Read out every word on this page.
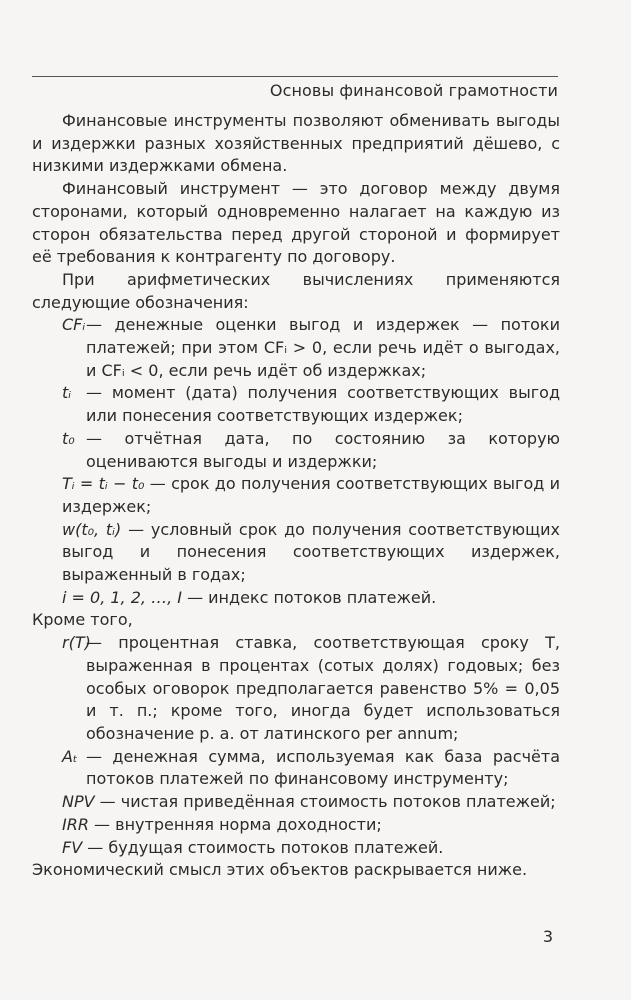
Основы финансовой грамотности

Финансовые инструменты позволяют обменивать выгоды и издержки разных хозяйственных предприятий дёшево, с низкими издержками обмена.

Финансовый инструмент — это договор между двумя сторонами, который одновременно налагает на каждую из сторон обязательства перед другой стороной и формирует её требования к контрагенту по договору.

При арифметических вычислениях применяются следующие обозначения:

CFᵢ — денежные оценки выгод и издержек — потоки платежей; при этом CFᵢ > 0, если речь идёт о выгодах, и CFᵢ < 0, если речь идёт об издержках;
tᵢ — момент (дата) получения соответствующих выгод или понесения соответствующих издержек;
t₀ — отчётная дата, по состоянию за которую оцениваются выгоды и издержки;

Tᵢ = tᵢ − t₀ — срок до получения соответствующих выгод и издержек;

w(t₀, tᵢ) — условный срок до получения соответствующих выгод и понесения соответствующих издержек, выраженный в годах;

i = 0, 1, 2, …, I — индекс потоков платежей.

Кроме того,

r(T)
— процентная ставка, соответствующая сроку T, выраженная в процентах (сотых долях) годовых; без особых оговорок предполагается равенство 5% = 0,05 и т. п.; кроме того, иногда будет использоваться обозначение p. a. от латинского per annum;
Aₜ — денежная сумма, используемая как база расчёта потоков платежей по финансовому инструменту;

NPV — чистая приведённая стоимость потоков платежей;

IRR — внутренняя норма доходности;

FV — будущая стоимость потоков платежей.

Экономический смысл этих объектов раскрывается ниже.

3
